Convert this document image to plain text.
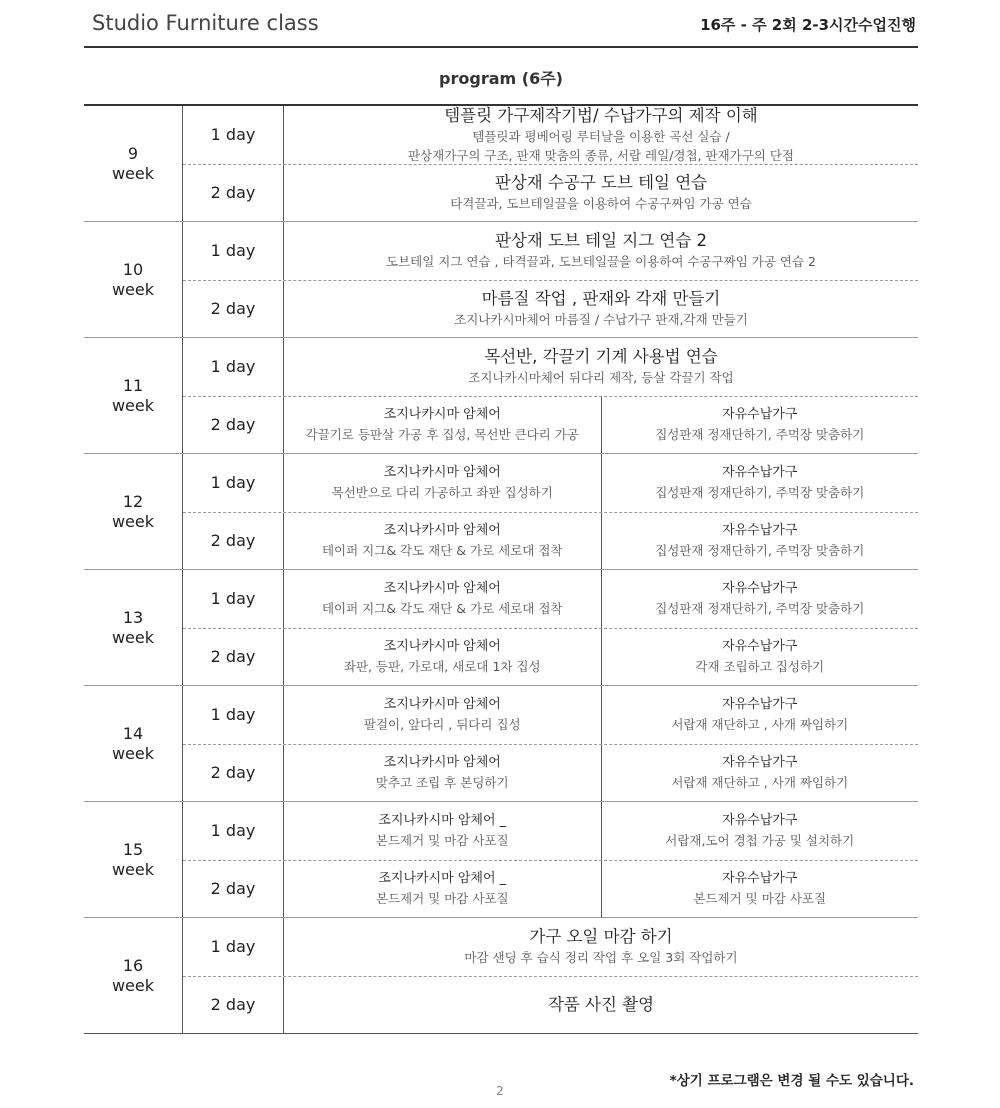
Studio Furniture class	16주 - 주 2회 2-3시간수업진행
program (6주)
9
week
1 day
템플릿 가구제작기법/ 수납가구의 제작 이해
템플릿과 평베어링 루터날을 이용한 곡선 실습 /
판상재가구의 구조, 판재 맞춤의 종류, 서랍 레일/경첩, 판재가구의 단점
2 day
판상재 수공구 도브 테일 연습
타격끌과, 도브테일끌을 이용하여 수공구짜임 가공 연습
10
week
1 day
판상재 도브 테일 지그 연습 2
도브테일 지그 연습 , 타격끌과, 도브테일끌을 이용하여 수공구짜임 가공 연습 2
2 day
마름질 작업 , 판재와 각재 만들기
조지나카시마체어 마름질 / 수납가구 판재,각재 만들기
11
week
1 day
목선반, 각끌기 기계 사용법 연습
조지나카시마체어 뒤다리 제작, 등살 각끌기 작업
2 day
조지나카시마 암체어
각끌기로 등판살 가공 후 집성, 목선반 큰다리 가공
자유수납가구
집성판재 정재단하기, 주먹장 맞춤하기
12
week
1 day
조지나카시마 암체어
목선반으로 다리 가공하고 좌판 집성하기
자유수납가구
집성판재 정재단하기, 주먹장 맞춤하기
2 day
조지나카시마 암체어
테이퍼 지그& 각도 재단 & 가로 세로대 접착
자유수납가구
집성판재 정재단하기, 주먹장 맞춤하기
13
week
1 day
조지나카시마 암체어
테이퍼 지그& 각도 재단 & 가로 세로대 접착
자유수납가구
집성판재 정재단하기, 주먹장 맞춤하기
2 day
조지나카시마 암체어
좌판, 등판, 가로대, 새로대 1차 집성
자유수납가구
각재 조립하고 집성하기
14
week
1 day
조지나카시마 암체어
팔걸이, 앞다리 , 뒤다리 집성
자유수납가구
서랍재 재단하고 , 사개 짜임하기
2 day
조지나카시마 암체어
맞추고 조립 후 본딩하기
자유수납가구
서랍재 재단하고 , 사개 짜임하기
15
week
1 day
조지나카시마 암체어 _
본드제거 및 마감 사포질
자유수납가구
서랍재,도어 경첩 가공 및 설치하기
2 day
조지나카시마 암체어 _
본드제거 및 마감 사포질
자유수납가구
본드제거 및 마감 사포질
16
week
1 day
가구 오일 마감 하기
마감 샌딩 후 습식 정리 작업 후 오일 3회 작업하기
2 day	작품 사진 촬영
*상기 프로그램은 변경 될 수도 있습니다.
2
